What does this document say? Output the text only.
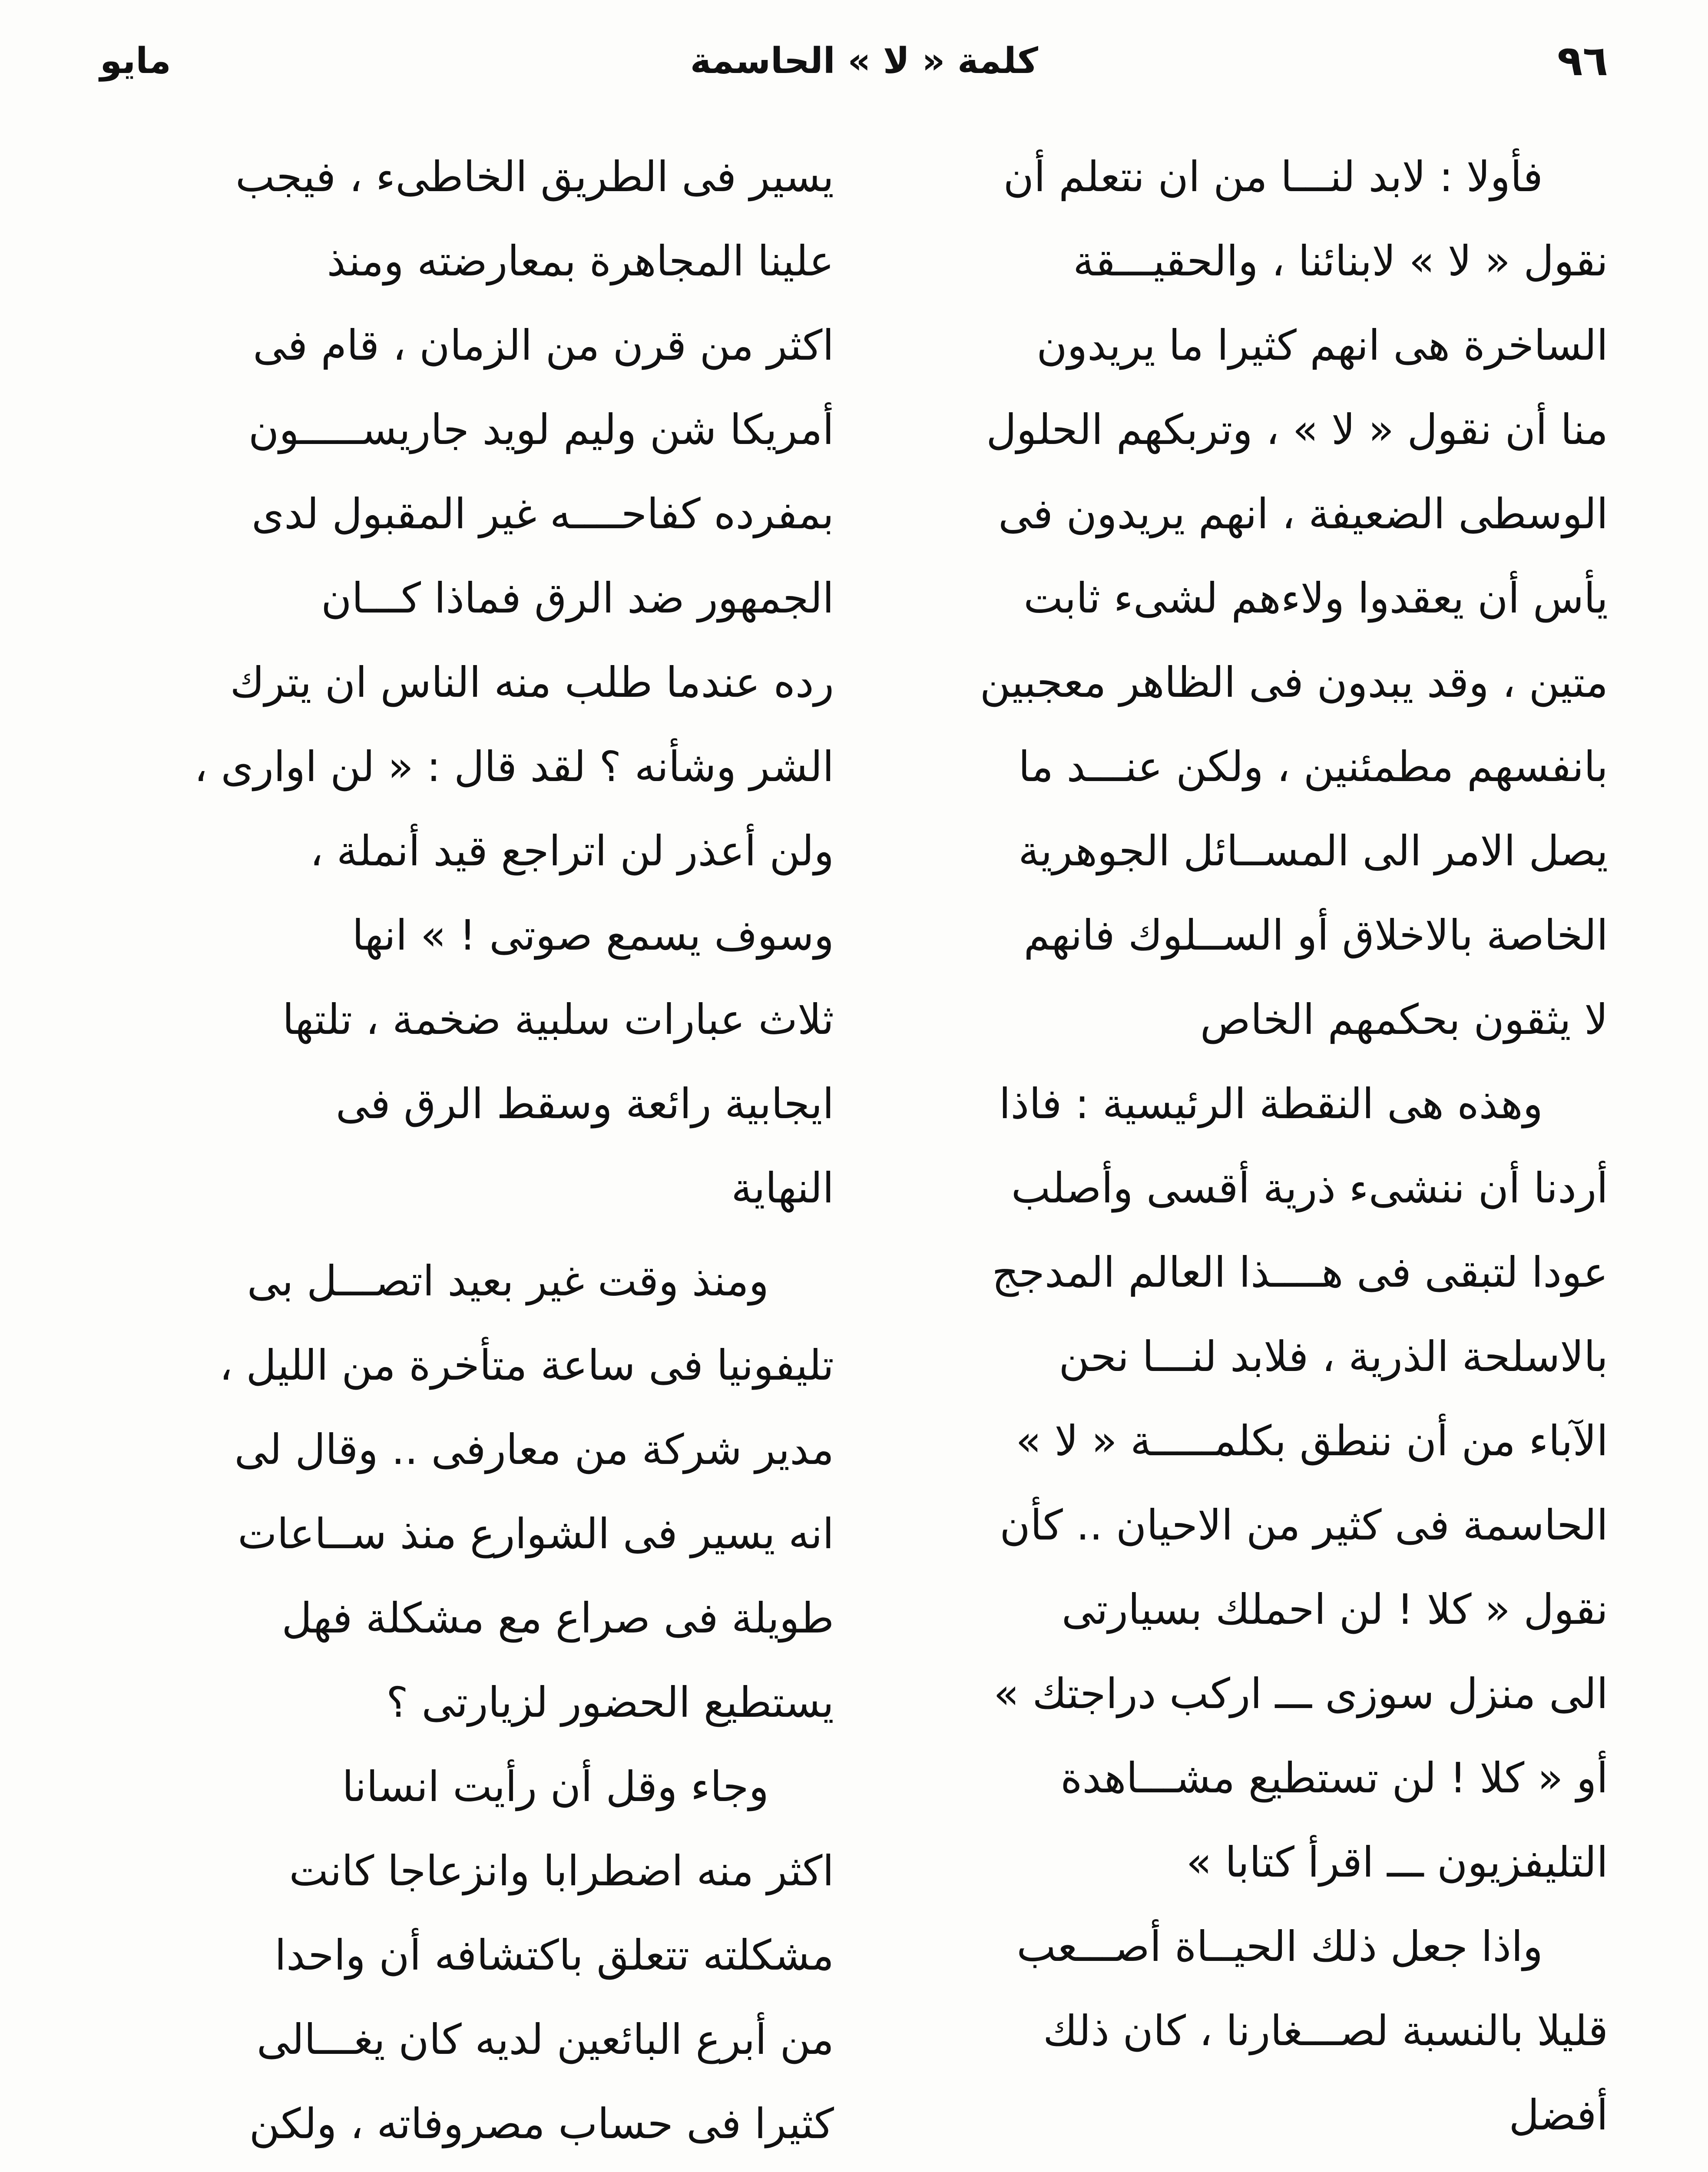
٩٦
كلمة « لا » الحاسمة
مايو
فأولا : لابد لنـــا من ان نتعلم أن
نقول « لا » لابنائنا ، والحقيـــقة
الساخرة هى انهم كثيرا ما يريدون
منا أن نقول « لا » ، وتربكهم الحلول
الوسطى الضعيفة ، انهم يريدون فى
يأس أن يعقدوا ولاءهم لشىء ثابت
متين ، وقد يبدون فى الظاهر معجبين
بانفسهم مطمئنين ، ولكن عنـــد ما
يصل الامر الى المســائل الجوهرية
الخاصة بالاخلاق أو الســلوك فانهم
لا يثقون بحكمهم الخاص
وهذه هى النقطة الرئيسية : فاذا
أردنا أن ننشىء ذرية أقسى وأصلب
عودا لتبقى فى هــــذا العالم المدجج
بالاسلحة الذرية ، فلابد لنـــا نحن
الآباء من أن ننطق بكلمـــــة « لا »
الحاسمة فى كثير من الاحيان .. كأن
نقول « كلا ! لن احملك بسيارتى
الى منزل سوزى ـــ اركب دراجتك »
أو « كلا ! لن تستطيع مشـــاهدة
التليفزيون ـــ اقرأ كتابا »
واذا جعل ذلك الحيــاة أصـــعب
قليلا بالنسبة لصـــغارنا ، كان ذلك
أفضل
يسير فى الطريق الخاطىء ، فيجب
علينا المجاهرة بمعارضته ومنذ
اكثر من قرن من الزمان ، قام فى
أمريكا شن وليم لويد جاريســـــون
بمفرده كفاحــــه غير المقبول لدى
الجمهور ضد الرق فماذا كـــان
رده عندما طلب منه الناس ان يترك
الشر وشأنه ؟ لقد قال : « لن اوارى ،
ولن أعذر لن اتراجع قيد أنملة ،
وسوف يسمع صوتى ! » انها
ثلاث عبارات سلبية ضخمة ، تلتها
ايجابية رائعة وسقط الرق فى
النهاية
ومنذ وقت غير بعيد اتصـــل بى
تليفونيا فى ساعة متأخرة من الليل ،
مدير شركة من معارفى .. وقال لى
انه يسير فى الشوارع منذ ســاعات
طويلة فى صراع مع مشكلة فهل
يستطيع الحضور لزيارتى ؟
وجاء وقل أن رأيت انسانا
اكثر منه اضطرابا وانزعاجا كانت
مشكلته تتعلق باكتشافه أن واحدا
من أبرع البائعين لديه كان يغـــالى
كثيرا فى حساب مصروفاته ، ولكن
